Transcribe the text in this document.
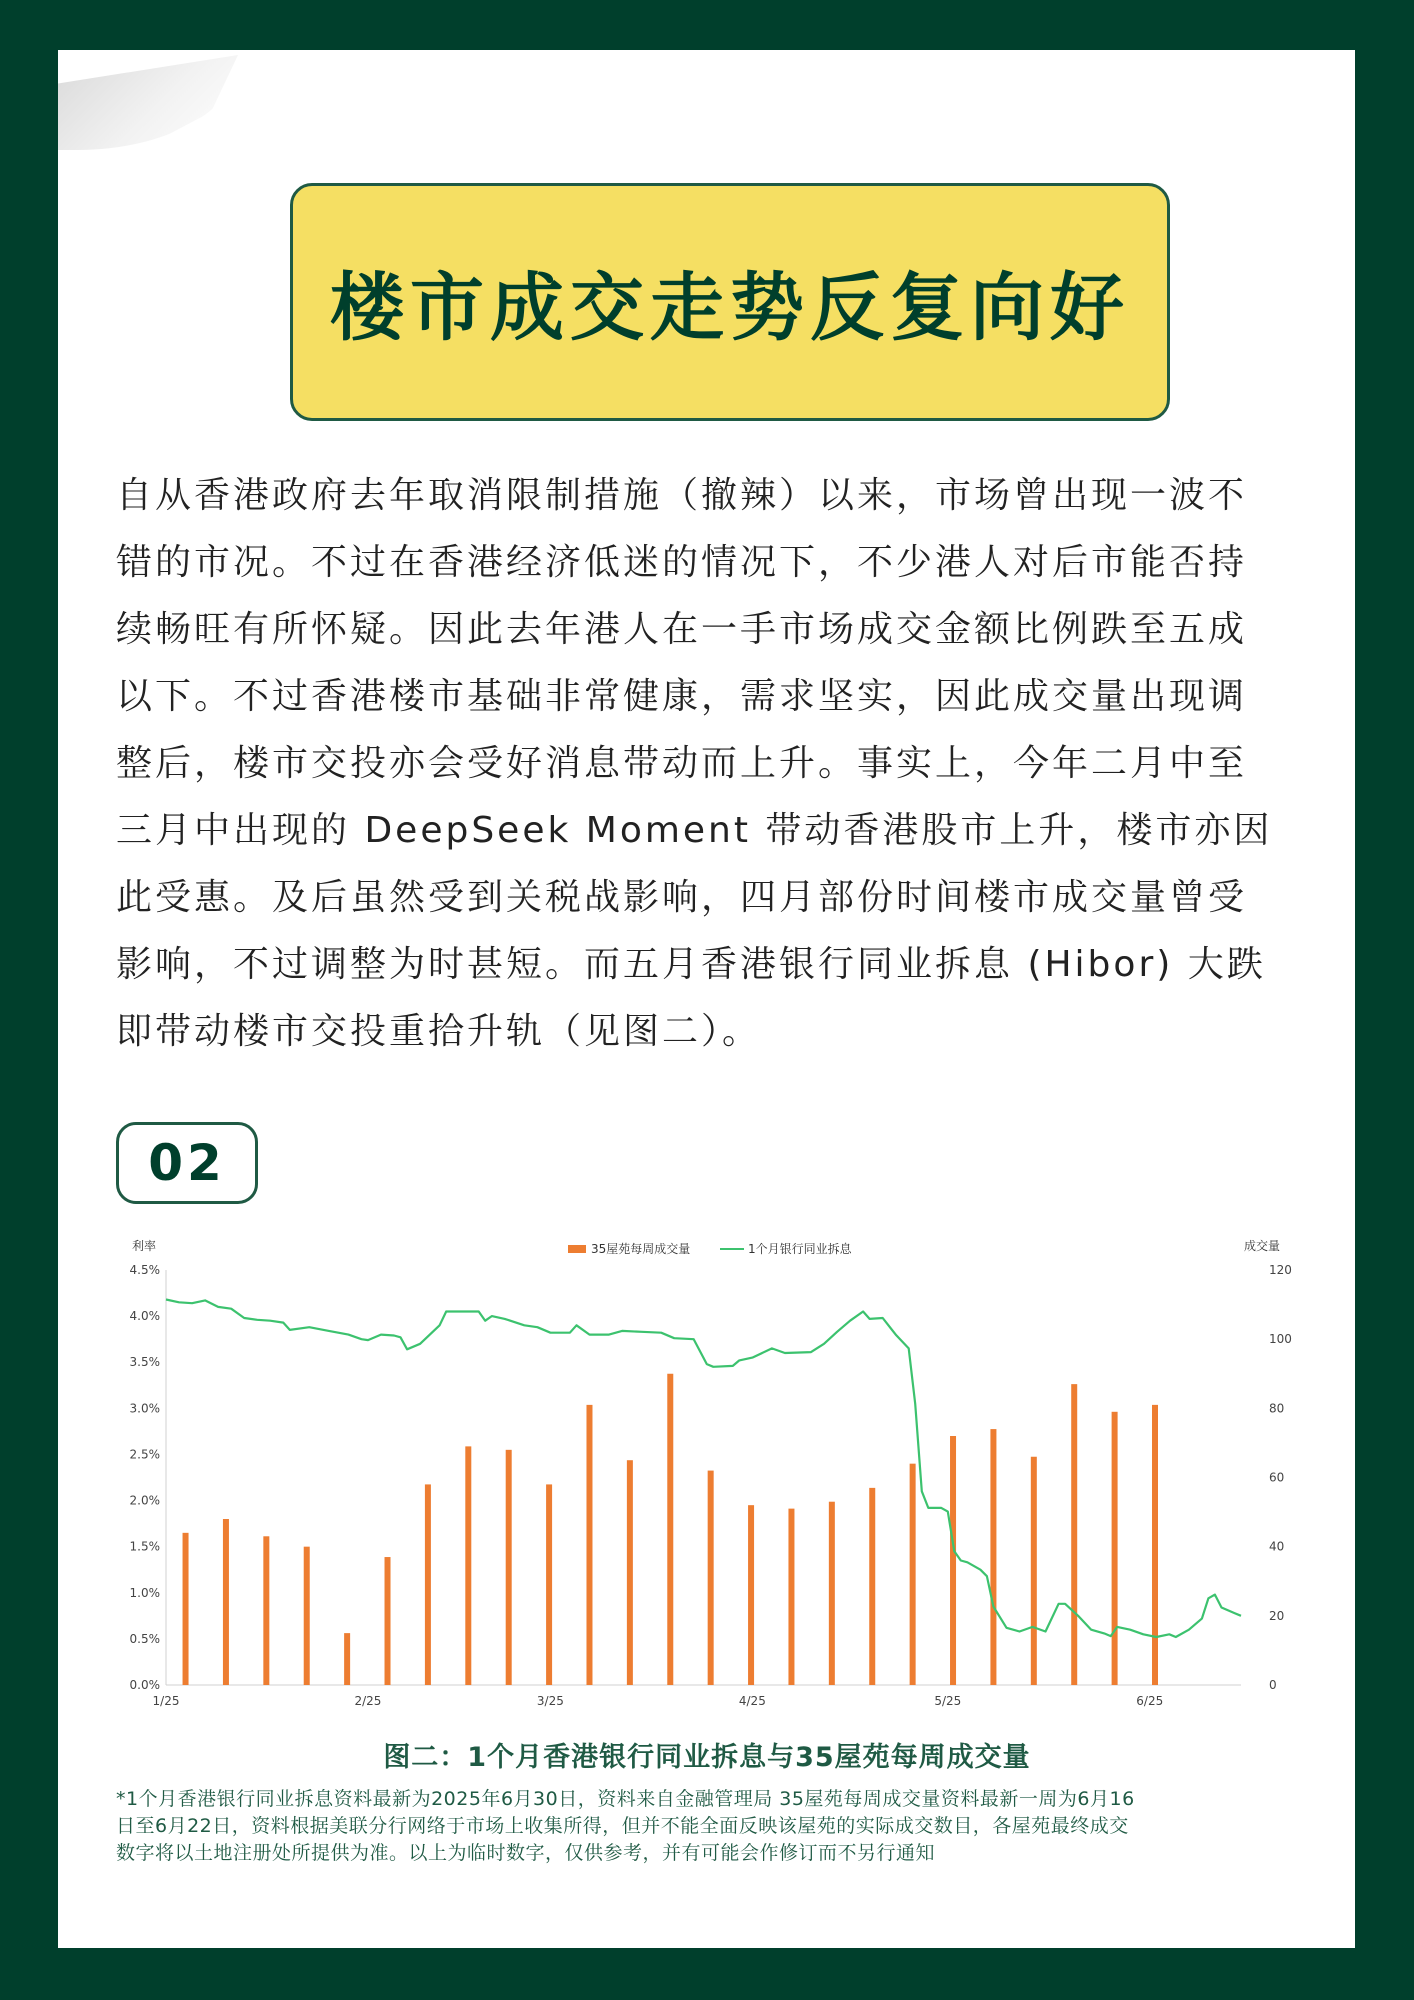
楼市成交走势反复向好
自从香港政府去年取消限制措施（撤辣）以来，市场曾出现一波不
错的市况。不过在香港经济低迷的情况下，不少港人对后市能否持
续畅旺有所怀疑。因此去年港人在一手市场成交金额比例跌至五成
以下。不过香港楼市基础非常健康，需求坚实，因此成交量出现调
整后，楼市交投亦会受好消息带动而上升。事实上，今年二月中至
三月中出现的 DeepSeek Moment 带动香港股市上升，楼市亦因
此受惠。及后虽然受到关税战影响，四月部份时间楼市成交量曾受
影响，不过调整为时甚短。而五月香港银行同业拆息 (Hibor) 大跌
即带动楼市交投重拾升轨（见图二）。
02
利率	成交量
0.0%
0.5%
1.0%
1.5%
2.0%
2.5%
3.0%
3.5%
4.0%
4.5%
0
20
40
60
80
100
120
1/25	2/25	3/25	4/25	5/25	6/25
35屋苑每周成交量	1个月银行同业拆息
图二：1个月香港银行同业拆息与35屋苑每周成交量
*1个月香港银行同业拆息资料最新为2025年6月30日，资料来自金融管理局 35屋苑每周成交量资料最新一周为6月16
日至6月22日，资料根据美联分行网络于市场上收集所得，但并不能全面反映该屋苑的实际成交数目，各屋苑最终成交
数字将以土地注册处所提供为准。以上为临时数字，仅供参考，并有可能会作修订而不另行通知
